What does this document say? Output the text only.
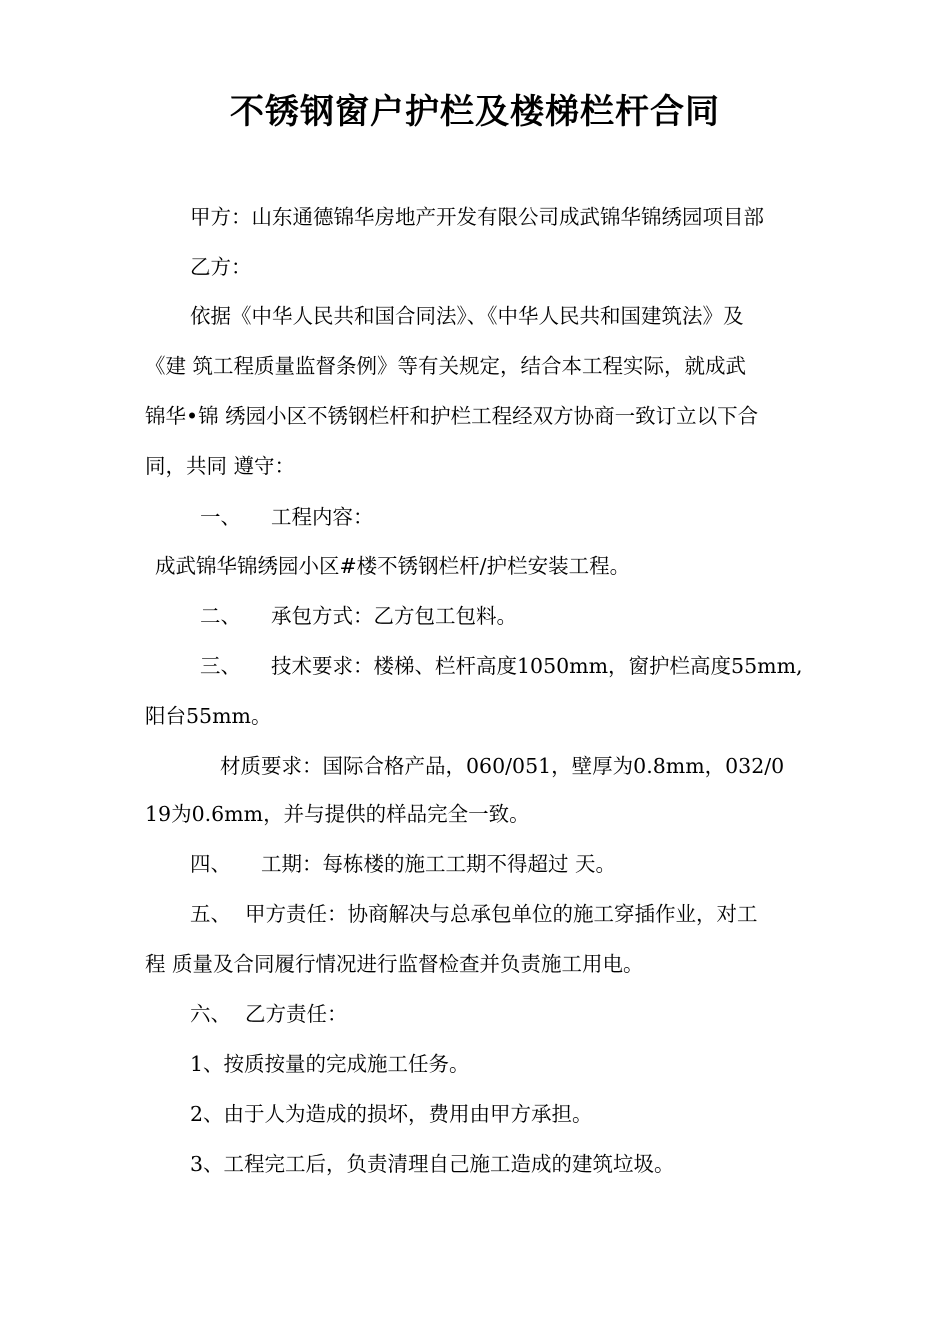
不锈钢窗户护栏及楼梯栏杆合同

甲方：山东通德锦华房地产开发有限公司成武锦华锦绣园项目部

乙方：

依据《中华人民共和国合同法》、《中华人民共和国建筑法》及

《建 筑工程质量监督条例》等有关规定，结合本工程实际，就成武

锦华•锦 绣园小区不锈钢栏杆和护栏工程经双方协商一致订立以下合

同，共同 遵守：

一、 工程内容：

成武锦华锦绣园小区#楼不锈钢栏杆/护栏安装工程。

二、 承包方式：乙方包工包料。

三、 技术要求：楼梯、栏杆高度1050mm，窗护栏高度55mm,

阳台55mm。

材质要求：国际合格产品，060/051，壁厚为0.8mm，032/0

19为0.6mm，并与提供的样品完全一致。

四、 工期：每栋楼的施工工期不得超过 天。

五、 甲方责任：协商解决与总承包单位的施工穿插作业，对工

程 质量及合同履行情况进行监督检查并负责施工用电。

六、 乙方责任：

1、按质按量的完成施工任务。

2、由于人为造成的损坏，费用由甲方承担。

3、工程完工后，负责清理自己施工造成的建筑垃圾。
